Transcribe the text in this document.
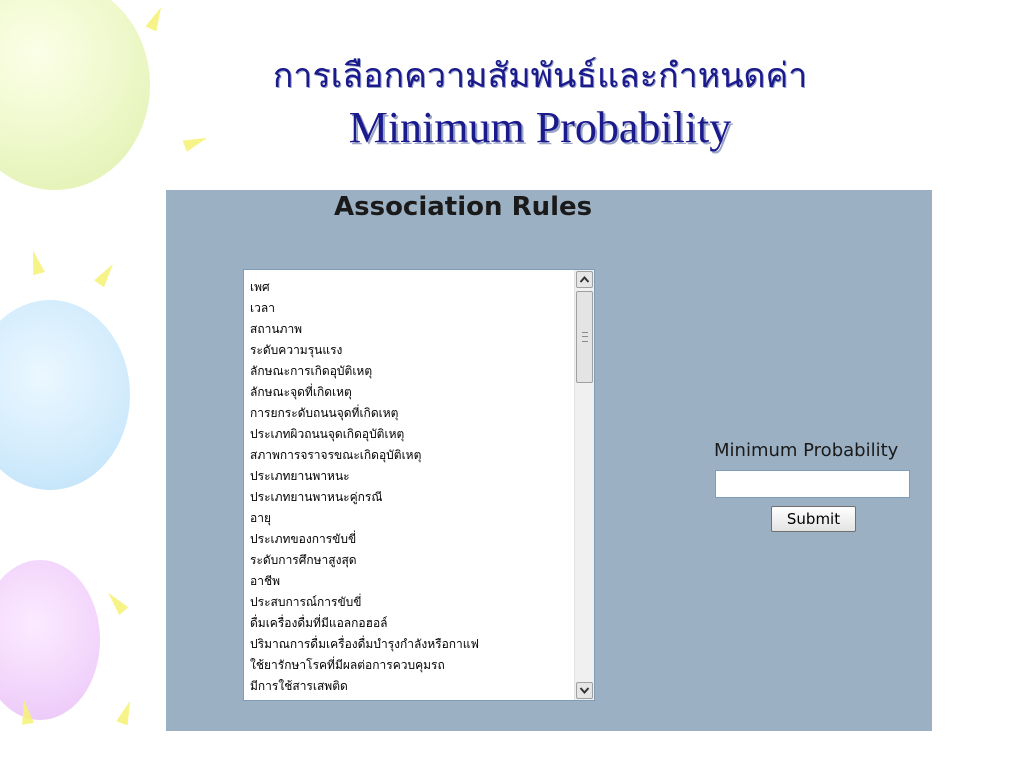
การเลือกความสัมพันธ์และกำหนดค่า
Minimum Probability
Association Rules
เพศ
เวลา
สถานภาพ
ระดับความรุนแรง
ลักษณะการเกิดอุบัติเหตุ
ลักษณะจุดที่เกิดเหตุ
การยกระดับถนนจุดที่เกิดเหตุ
ประเภทผิวถนนจุดเกิดอุบัติเหตุ
สภาพการจราจรขณะเกิดอุบัติเหตุ
ประเภทยานพาหนะ
ประเภทยานพาหนะคู่กรณี
อายุ
ประเภทของการขับขี่
ระดับการศึกษาสูงสุด
อาชีพ
ประสบการณ์การขับขี่
ดื่มเครื่องดื่มที่มีแอลกอฮอล์
ปริมาณการดื่มเครื่องดื่มบำรุงกำลังหรือกาแฟ
ใช้ยารักษาโรคที่มีผลต่อการควบคุมรถ
มีการใช้สารเสพติด
Minimum Probability
Submit
